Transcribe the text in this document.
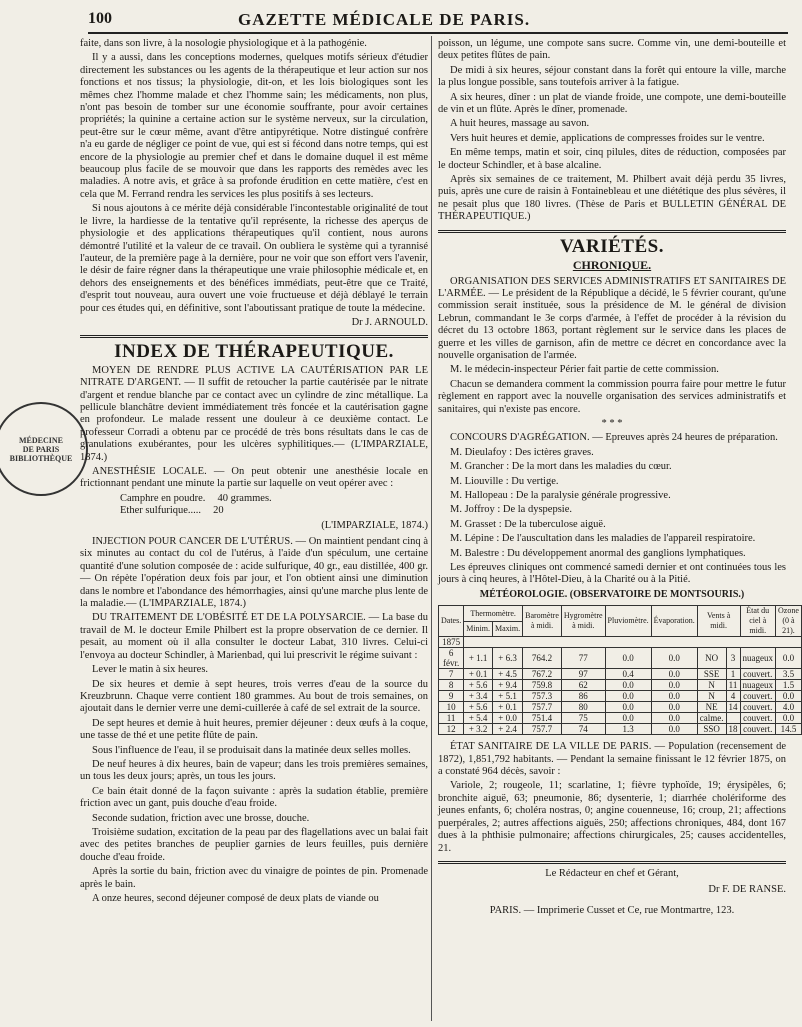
100	GAZETTE MÉDICALE DE PARIS.
MÉDECINE
DE PARIS
BIBLIOTHÈQUE

faite, dans son livre, à la nosologie physiologique et à la pathogénie.

Il y a aussi, dans les conceptions modernes, quelques motifs sérieux d'étudier directement les substances ou les agents de la thérapeutique et leur action sur nos fonctions et nos tissus; la physiologie, dit-on, et les lois biologiques sont les mêmes chez l'homme malade et chez l'homme sain; les médicaments, non plus, n'ont pas besoin de tomber sur une économie souffrante, pour avoir certaines propriétés; la quinine a certaine action sur le système nerveux, sur la circulation, peut-être sur le cœur même, avant d'être antipyrétique. Notre distingué confrère n'a eu garde de négliger ce point de vue, qui est si fécond dans notre temps, qui est encore de la physiologie au premier chef et dans le domaine duquel il est même beaucoup plus facile de se mouvoir que dans les rapports des remèdes avec les maladies. A notre avis, et grâce à sa profonde érudition en cette matière, c'est en cela que M. Ferrand rendra les services les plus positifs à ses lecteurs.

Si nous ajoutons à ce mérite déjà considérable l'incontestable originalité de tout le livre, la hardiesse de la tentative qu'il représente, la richesse des aperçus de physiologie et des applications thérapeutiques qu'il contient, nous aurons démontré l'utilité et la valeur de ce travail. On oubliera le système qui a tyrannisé l'auteur, de la première page à la dernière, pour ne voir que son effort vers l'avenir, le désir de faire régner dans la thérapeutique une vraie philosophie médicale et, en dehors des enseignements et des bénéfices immédiats, peut-être que ce Traité, d'esprit tout nouveau, aura ouvert une voie fructueuse et déjà déblayé le terrain pour ces études qui, en définitive, sont l'aboutissant pratique de toute la médecine.

Dr J. ARNOULD.
INDEX DE THÉRAPEUTIQUE.

MOYEN DE RENDRE PLUS ACTIVE LA CAUTÉRISATION PAR LE NITRATE D'ARGENT. — Il suffit de retoucher la partie cautérisée par le nitrate d'argent et rendue blanche par ce contact avec un cylindre de zinc métallique. La pellicule blanchâtre devient immédiatement très foncée et la cautérisation gagne en profondeur. Le malade ressent une douleur à ce deuxième contact. Le professeur Corradi a obtenu par ce procédé de très bons résultats dans le cas de granulations exubérantes, pour les ulcères syphilitiques.— (L'IMPARZIALE, 1874.)

ANESTHÉSIE LOCALE. — On peut obtenir une anesthésie locale en frictionnant pendant une minute la partie sur laquelle on veut opérer avec :

Camphre en poudre. 40 grammes.
Ether sulfurique..... 20
(L'IMPARZIALE, 1874.)

INJECTION POUR CANCER DE L'UTÉRUS. — On maintient pendant cinq à six minutes au contact du col de l'utérus, à l'aide d'un spéculum, une certaine quantité d'une solution composée de : acide sulfurique, 40 gr., eau distillée, 400 gr. — On répète l'opération deux fois par jour, et l'on obtient ainsi une diminution dans le nombre et l'abondance des hémorrhagies, ainsi qu'une marche plus lente de la maladie.— (L'IMPARZIALE, 1874.)

DU TRAITEMENT DE L'OBÉSITÉ ET DE LA POLYSARCIE. — La base du travail de M. le docteur Emile Philbert est la propre observation de ce dernier. Il pesait, au moment où il alla consulter le docteur Labat, 310 livres. Celui-ci l'envoya au docteur Schindler, à Marienbad, qui lui prescrivit le régime suivant :

Lever le matin à six heures.

De six heures et demie à sept heures, trois verres d'eau de la source du Kreuzbrunn. Chaque verre contient 180 grammes. Au bout de trois semaines, on ajoutait dans le dernier verre une demi-cuillerée à café de sel extrait de la source.

De sept heures et demie à huit heures, premier déjeuner : deux œufs à la coque, une tasse de thé et une petite flûte de pain.

Sous l'influence de l'eau, il se produisait dans la matinée deux selles molles.

De neuf heures à dix heures, bain de vapeur; dans les trois premières semaines, un tous les deux jours; après, un tous les jours.

Ce bain était donné de la façon suivante : après la sudation établie, première friction avec un gant, puis douche d'eau froide.

Seconde sudation, friction avec une brosse, douche.

Troisième sudation, excitation de la peau par des flagellations avec un balai fait avec des petites branches de peuplier garnies de leurs feuilles, puis dernière douche d'eau froide.

Après la sortie du bain, friction avec du vinaigre de pointes de pin. Promenade après le bain.

A onze heures, second déjeuner composé de deux plats de viande ou

poisson, un légume, une compote sans sucre. Comme vin, une demi-bouteille et deux petites flûtes de pain.

De midi à six heures, séjour constant dans la forêt qui entoure la ville, marche la plus longue possible, sans toutefois arriver à la fatigue.

A six heures, dîner : un plat de viande froide, une compote, une demi-bouteille de vin et un flûte. Après le dîner, promenade.

A huit heures, massage au savon.

Vers huit heures et demie, applications de compresses froides sur le ventre.

En même temps, matin et soir, cinq pilules, dites de réduction, composées par le docteur Schindler, et à base alcaline.

Après six semaines de ce traitement, M. Philbert avait déjà perdu 35 livres, puis, après une cure de raisin à Fontainebleau et une diététique des plus sévères, il ne pesait plus que 180 livres. (Thèse de Paris et BULLETIN GÉNÉRAL DE THÉRAPEUTIQUE.)

VARIÉTÉS.
CHRONIQUE.

ORGANISATION DES SERVICES ADMINISTRATIFS ET SANITAIRES DE L'ARMÉE. — Le président de la République a décidé, le 5 février courant, qu'une commission serait instituée, sous la présidence de M. le général de division Lebrun, commandant le 3e corps d'armée, à l'effet de procéder à la révision du décret du 13 octobre 1863, portant règlement sur le service dans les places de guerre et les villes de garnison, afin de mettre ce décret en concordance avec la nouvelle organisation de l'armée.

M. le médecin-inspecteur Périer fait partie de cette commission.

Chacun se demandera comment la commission pourra faire pour mettre le futur règlement en rapport avec la nouvelle organisation des services administratifs et sanitaires, qui n'existe pas encore.

* * *

CONCOURS D'AGRÉGATION. — Epreuves après 24 heures de préparation.

M. Dieulafoy : Des ictères graves.

M. Grancher : De la mort dans les maladies du cœur.

M. Liouville : Du vertige.

M. Hallopeau : De la paralysie générale progressive.

M. Joffroy : De la dyspepsie.

M. Grasset : De la tuberculose aiguë.

M. Lépine : De l'auscultation dans les maladies de l'appareil respiratoire.

M. Balestre : Du développement anormal des ganglions lymphatiques.

Les épreuves cliniques ont commencé samedi dernier et ont continuées tous les jours à cinq heures, à l'Hôtel-Dieu, à la Charité ou à la Pitié.

MÉTÉOROLOGIE. (OBSERVATOIRE DE MONTSOURIS.)
Dates.	Thermomètre.		Baromètre à midi.	Hygromètre à midi.	Pluviomètre.	Évaporation.	Vents à midi.		État du ciel à midi.	Ozone (0 à 21).
	Minim.	Maxim.								
1875										
6 févr.	+ 1.1	+ 6.3	764.2	77	0.0	0.0	NO	3	nuageux	0.0
7	+ 0.1	+ 4.5	767.2	97	0.4	0.0	SSE	1	couvert.	3.5
8	+ 5.6	+ 9.4	759.8	62	0.0	0.0	N	11	nuageux	1.5
9	+ 3.4	+ 5.1	757.3	86	0.0	0.0	N	4	couvert.	0.0
10	+ 5.6	+ 0.1	757.7	80	0.0	0.0	NE	14	couvert.	4.0
11	+ 5.4	+ 0.0	751.4	75	0.0	0.0	calme.		couvert.	0.0
12	+ 3.2	+ 2.4	757.7	74	1.3	0.0	SSO	18	couvert.	14.5

ÉTAT SANITAIRE DE LA VILLE DE PARIS. — Population (recensement de 1872), 1,851,792 habitants. — Pendant la semaine finissant le 12 février 1875, on a constaté 964 décès, savoir :

Variole, 2; rougeole, 11; scarlatine, 1; fièvre typhoïde, 19; érysipèles, 6; bronchite aiguë, 63; pneumonie, 86; dysenterie, 1; diarrhée cholériforme des jeunes enfants, 6; choléra nostras, 0; angine couenneuse, 16; croup, 21; affections puerpérales, 2; autres affections aiguës, 250; affections chroniques, 484, dont 167 dues à la phthisie pulmonaire; affections chirurgicales, 25; causes accidentelles, 21.

Le Rédacteur en chef et Gérant,
Dr F. DE RANSE.
PARIS. — Imprimerie Cusset et Ce, rue Montmartre, 123.
